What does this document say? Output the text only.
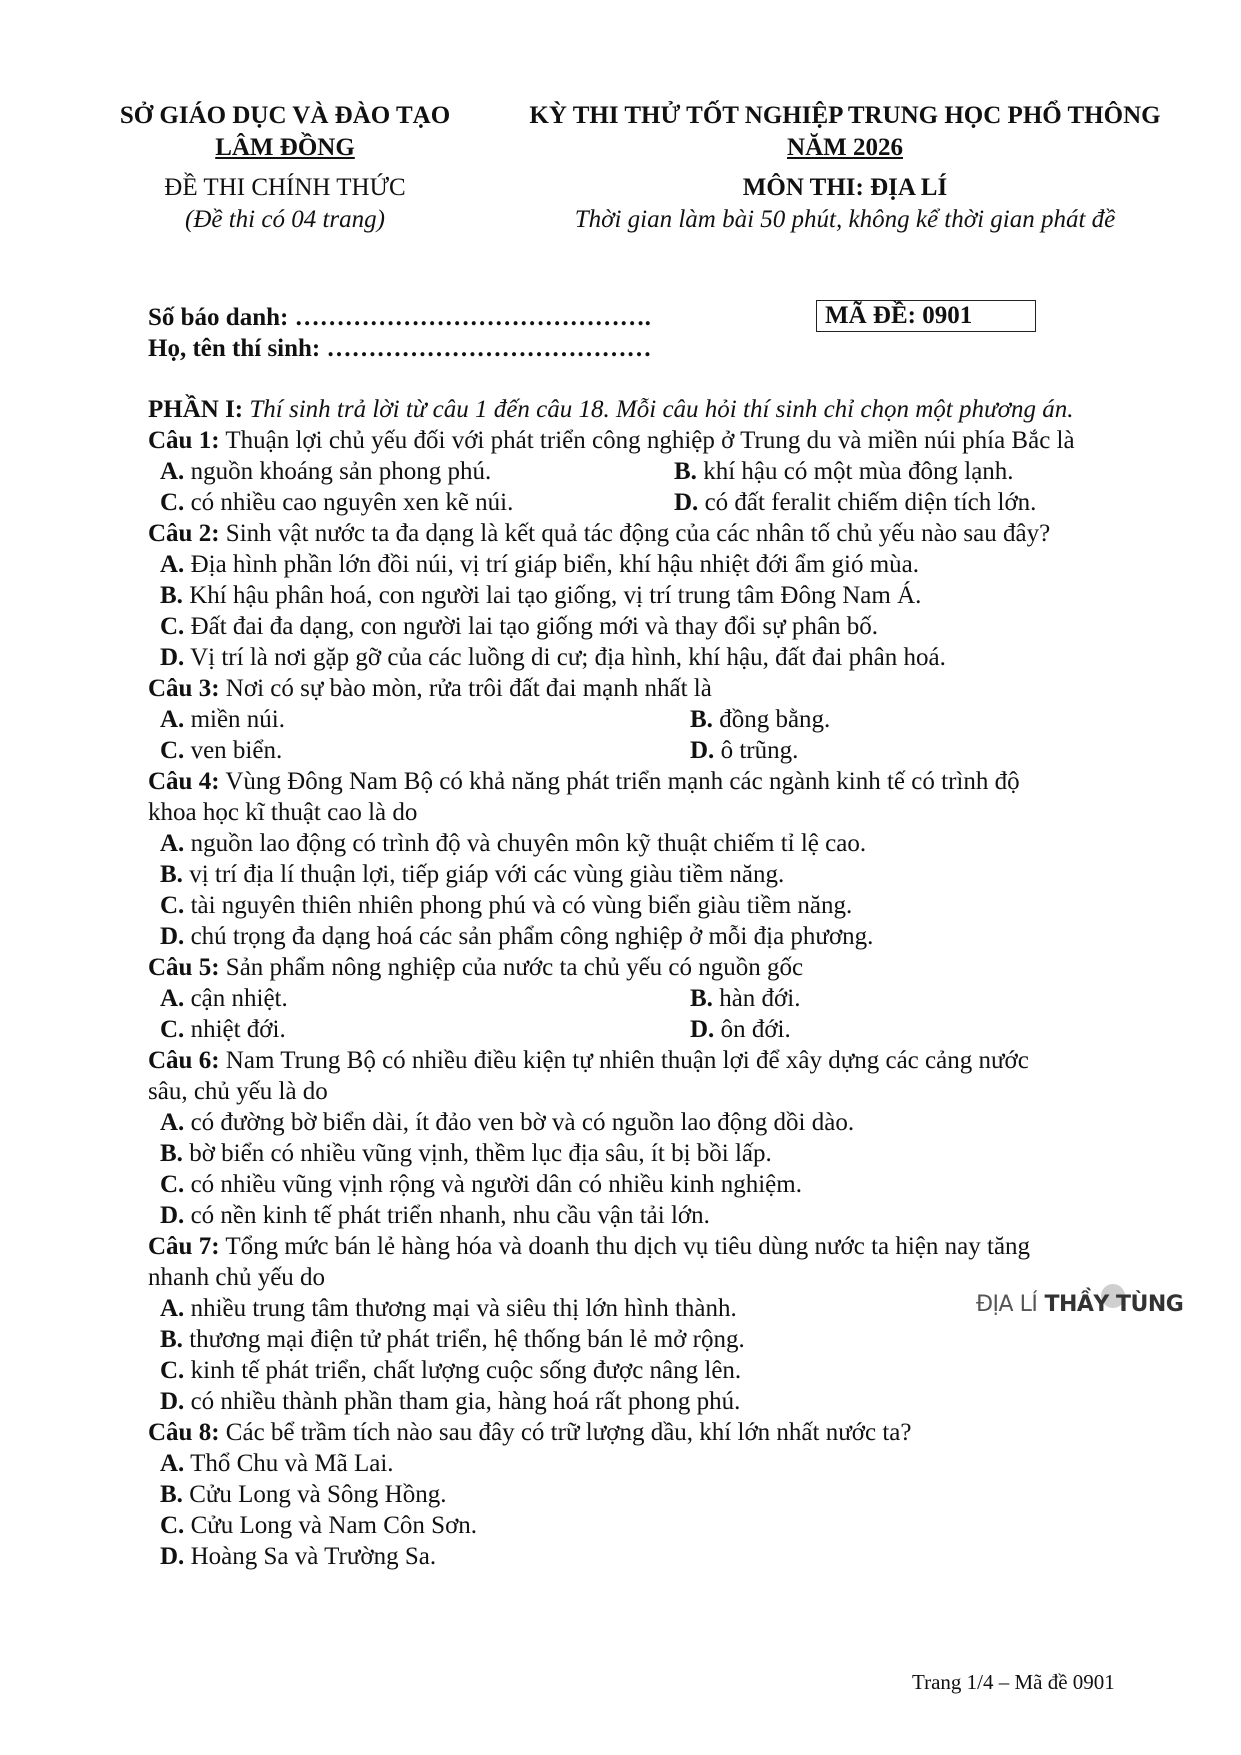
SỞ GIÁO DỤC VÀ ĐÀO TẠO
LÂM ĐỒNG
ĐỀ THI CHÍNH THỨC
(Đề thi có 04 trang)
KỲ THI THỬ TỐT NGHIỆP TRUNG HỌC PHỔ THÔNG
NĂM 2026
MÔN THI: ĐỊA LÍ
Thời gian làm bài 50 phút, không kể thời gian phát đề
Số báo danh: …………………………………….
Họ, tên thí sinh: …………………………………
MÃ ĐỀ: 0901
PHẦN I: Thí sinh trả lời từ câu 1 đến câu 18. Mỗi câu hỏi thí sinh chỉ chọn một phương án.
Câu 1: Thuận lợi chủ yếu đối với phát triển công nghiệp ở Trung du và miền núi phía Bắc là
A. nguồn khoáng sản phong phú.	B. khí hậu có một mùa đông lạnh.
C. có nhiều cao nguyên xen kẽ núi.	D. có đất feralit chiếm diện tích lớn.
Câu 2: Sinh vật nước ta đa dạng là kết quả tác động của các nhân tố chủ yếu nào sau đây?
A. Địa hình phần lớn đồi núi, vị trí giáp biển, khí hậu nhiệt đới ẩm gió mùa.
B. Khí hậu phân hoá, con người lai tạo giống, vị trí trung tâm Đông Nam Á.
C. Đất đai đa dạng, con người lai tạo giống mới và thay đổi sự phân bố.
D. Vị trí là nơi gặp gỡ của các luồng di cư; địa hình, khí hậu, đất đai phân hoá.
Câu 3: Nơi có sự bào mòn, rửa trôi đất đai mạnh nhất là
A. miền núi.	B. đồng bằng.
C. ven biển.	D. ô trũng.
Câu 4: Vùng Đông Nam Bộ có khả năng phát triển mạnh các ngành kinh tế có trình độ
khoa học kĩ thuật cao là do
A. nguồn lao động có trình độ và chuyên môn kỹ thuật chiếm tỉ lệ cao.
B. vị trí địa lí thuận lợi, tiếp giáp với các vùng giàu tiềm năng.
C. tài nguyên thiên nhiên phong phú và có vùng biển giàu tiềm năng.
D. chú trọng đa dạng hoá các sản phẩm công nghiệp ở mỗi địa phương.
Câu 5: Sản phẩm nông nghiệp của nước ta chủ yếu có nguồn gốc
A. cận nhiệt.	B. hàn đới.
C. nhiệt đới.	D. ôn đới.
Câu 6: Nam Trung Bộ có nhiều điều kiện tự nhiên thuận lợi để xây dựng các cảng nước
sâu, chủ yếu là do
A. có đường bờ biển dài, ít đảo ven bờ và có nguồn lao động dồi dào.
B. bờ biển có nhiều vũng vịnh, thềm lục địa sâu, ít bị bồi lấp.
C. có nhiều vũng vịnh rộng và người dân có nhiều kinh nghiệm.
D. có nền kinh tế phát triển nhanh, nhu cầu vận tải lớn.
Câu 7: Tổng mức bán lẻ hàng hóa và doanh thu dịch vụ tiêu dùng nước ta hiện nay tăng
nhanh chủ yếu do
A. nhiều trung tâm thương mại và siêu thị lớn hình thành.
B. thương mại điện tử phát triển, hệ thống bán lẻ mở rộng.
C. kinh tế phát triển, chất lượng cuộc sống được nâng lên.
D. có nhiều thành phần tham gia, hàng hoá rất phong phú.
Câu 8: Các bể trầm tích nào sau đây có trữ lượng dầu, khí lớn nhất nước ta?
A. Thổ Chu và Mã Lai.
B. Cửu Long và Sông Hồng.
C. Cửu Long và Nam Côn Sơn.
D. Hoàng Sa và Trường Sa.
ĐỊA LÍ THẦY TÙNG
Trang 1/4 – Mã đề 0901
